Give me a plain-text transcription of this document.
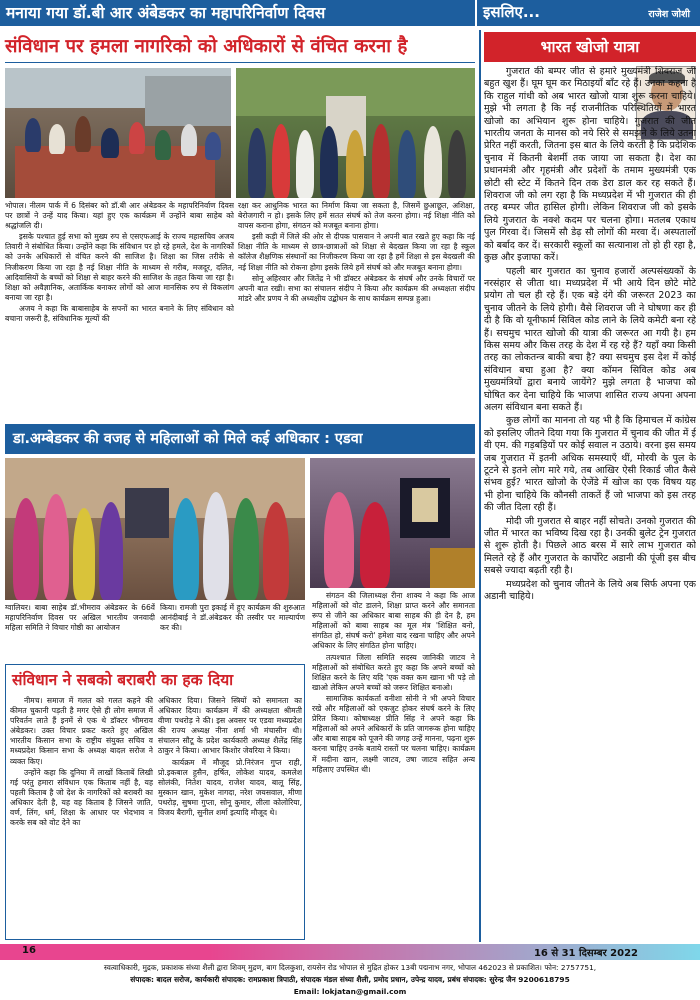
मनाया गया डॉ.बी आर अंबेडकर का महापरिनिर्वाण दिवस	इसलिए...	राजेश जोशी
संविधान पर हमला नागरिको को अधिकारों से वंचित करना है

भोपाल। नीलम पार्क में 6 दिसंबर को डॉ.बी आर अंबेडकर के महापरिनिर्वाण दिवस पर छात्रों ने उन्हें याद किया। यहां हुए एक कार्यक्रम में उन्होंने बाबा साहेब को श्रद्धांजलि दी।

इसके पश्चात हुई सभा को मुख्य रुप से एसएफआई के राज्य महासचिव अजय तिवारी ने संबोधित किया। उन्होंने कहा कि संविधान पर हो रहे हमले, देश के नागरिकों को उनके अधिकारों से वंचित करने की साजिश है। शिक्षा का जिस तरीके से निजीकरण किया जा रहा है नई शिक्षा नीति के माध्यम से गरीब, मजदूर, दलित, आदिवासियों के बच्चों को शिक्षा से बाहर करने की साजिश के तहत किया जा रहा है। शिक्षा को अवैज्ञानिक, अतार्किक बनाकर लोगों को आज मानसिक रुप से विकलांग बनाया जा रहा है।

अजय ने कहा कि बाबासाहेब के सपनों का भारत बनाने के लिए संविधान को बचाना जरूरी है, संविधानिक मूल्यों की

रक्षा कर आधुनिक भारत का निर्माण किया जा सकता है, जिसमें छुआछूत, अशिक्षा, बेरोजगारी न हो। इसके लिए हमें सतत संघर्ष को तेज करना होगा। नई शिक्षा नीति को वापस कराना होगा, संगठन को मजबूत बनाना होगा।

इसी कड़ी में जिले की ओर से दीपक पासवान ने अपनी बात रखते हुए कहा कि नई शिक्षा नीति के माध्यम से छात्र-छात्राओं को शिक्षा से बेदखल किया जा रहा है स्कूल कॉलेज शैक्षणिक संस्थानों का निजीकरण किया जा रहा है हमें शिक्षा से इस बेदखली की नई शिक्षा नीति को रोकना होगा इसके लिये हमें संघर्ष को और मजबूत बनाना होगा।

सोनू अहिरवार और जितेंद्र ने भी डॉक्टर अंबेडकर के संघर्ष और उनके विचारों पर अपनी बात रखी। सभा का संचालन संदीप ने किया और कार्यक्रम की अध्यक्षता संदीप मांडरे और प्रणय ने की अध्यक्षीय उद्बोधन के साथ कार्यक्रम सम्पन्न हुआ।

डा.अम्बेडकर की वजह से महिलाओं को मिले कई अधिकार : एडवा

ग्वालियर। बाबा साहेब डॉ.भीमराव अंबेडकर के 66वें महापरिनिर्वाण दिवस पर अखिल भारतीय जनवादी महिला समिति ने विचार गोष्ठी का आयोजन

किया। रामजी पुरा इकाई में हुए कार्यक्रम की शुरुआत आनंदीबाई ने डॉ.अंबेडकर की तस्वीर पर माल्यार्पण कर की।

संगठन की जिलाध्यक्ष रीना शाक्य ने कहा कि आज महिलाओं को वोट डालने, शिक्षा प्राप्त करने और समानता रूप से जीने का अधिकार बाबा साहब की ही देन है, हम महिलाओं को बाबा साहब का मूल मंत्र 'शिक्षित बनो, संगठित हो, संघर्ष करो' हमेशा याद रखना चाहिए और अपने अधिकार के लिए संगठित होना चाहिए।

तत्पश्चात जिला समिति सदस्य जानिकी जाटव ने महिलाओं को संबोधित करते हुए कहा कि अपने बच्चों को शिक्षित करने के लिए यदि 'एक वक्त कम खाना भी पड़े तो खाओ लेकिन अपने बच्चों को जरूर शिक्षित बनाओ।

सामाजिक कार्यकर्ता वनीशा सोनी ने भी अपने विचार रखे और महिलाओं को एकजुट होकर संघर्ष करने के लिए प्रेरित किया। कोषाध्यक्ष प्रीति सिंह ने अपने कहा कि महिलाओं को अपने अधिकारों के प्रति जागरूक होना चाहिए और बाबा साहब को पूजने की जगह उन्हें मानना, पढ़ना शुरू करना चाहिए उनके बताये रास्तों पर चलना चाहिए। कार्यक्रम में मदीना खान, लक्ष्मी जाटव, उषा जाटव सहित अन्य महिलाए उपस्थित थी।

संविधान ने सबको बराबरी का हक दिया

नीमच। समाज में गलत को गलत कहने की कीमत चुकानी पड़ती है मगर ऐसे ही लोग समाज में परिवर्तन लाते हैं इनमें से एक थे डॉक्टर भीमराव अंबेडकर। उक्त विचार प्रकट करते हुए अखिल भारतीय किसान सभा के राष्ट्रीय संयुक्त सचिव व मध्यप्रदेश किसान सभा के अध्यक्ष बादल सरोज ने व्यक्त किए।

उन्होंने कहा कि दुनिया में लाखों किताबें लिखी गई परंतु हमारा संविधान एक किताब नहीं है, यह पहली किताब है जो देश के नागरिकों को बराबरी का अधिकार देती है, यह वह किताब है जिसने जाति, वर्ण, लिंग, धर्म, शिक्षा के आधार पर भेदभाव न करके सब को वोट देने का

अधिकार दिया। जिसने स्त्रियों को समानता का अधिकार दिया। कार्यक्रम में की अध्यक्षता श्रीमती वीणा पथरोड़ ने की। इस अवसर पर एडवा मध्यप्रदेश की राज्य अध्यक्ष नीना शर्मा भी मंचासीन थी। संचालन सौटू के प्रदेश कार्यकारी अध्यक्ष शैलेंद्र सिंह ठाकुर ने किया। आभार किशोर जेवरिया ने किया।

कार्यक्रम में मौजूद प्रो.निरंजन गुप्त राही, प्रो.इकबाल हुसैन, हर्षित, लोकेश यादव, कमलेश सोलंकी, नितेश यादव, राजेश यादव, बालू सिंह, मुस्कान खान, मुकेश नागदा, नरेश जयसवाल, मीणा पथरोड़, सुषमा गुप्ता, सोनू कुमार, लीला कोलोरिया, विजय बैरागी, सुनील शर्मा इत्यादि मौजूद थे।

भारत खोजो यात्रा

गुजरात की बम्पर जीत से हमारे मुख्यमंत्री शिवराज जी बहुत खुश हैं। घूम घूम कर मिठाइयाँ बाँट रहे हैं। उनका कहना है कि राहुल गांधी को अब भारत खोजो यात्रा शुरू करना चाहिये। मुझे भी लगता है कि नई राजनीतिक परिस्थितियों में भारत खोजो का अभियान शुरू होना चाहिये। गुजरात की जीत भारतीय जनता के मानस को नये सिरे से समझने के लिये उतना प्रेरित नहीं करती, जितना इस बात के लिये करती है कि प्रदेशिक चुनाव में कितनी बेशर्मी तक जाया जा सकता है। देश का प्रधानमंत्री और गृहमंत्री और प्रदेशों के तमाम मुख्यमंत्री एक छोटी सी स्टेट में कितने दिन तक डेरा डाल कर रह सकते हैं। शिवराज जी को लग रहा है कि मध्यप्रदेश में भी गुजरात की ही तरह बम्पर जीत हासिल होगी। लेकिन शिवराज जी को इसके लिये गुजरात के नक्शे कदम पर चलना होगा। मतलब एकाध पुल गिरवा दें। जिसमें सौ डेढ़ सौ लोगों की मरवा दें। अस्पतालों को बर्बाद कर दें। सरकारी स्कूलों का सत्यानाश तो हो ही रहा है, कुछ और इजाफा करें।

पहली बार गुजरात का चुनाव हजारों अल्पसंख्यकों के नरसंहार से जीता था। मध्यप्रदेश में भी आये दिन छोटे मोटे प्रयोग तो चल ही रहे हैं। एक बड़े दंगे की जरूरत 2023 का चुनाव जीतने के लिये होगी। वैसे शिवराज जी ने घोषणा कर ही दी है कि वो यूनीफार्म सिविल कोड लाने के लिये कमेटी बना रहे हैं। सचमुच भारत खोजो की यात्रा की जरूरत आ गयी है। हम किस समय और किस तरह के देश में रह रहे हैं? यहाँ क्या किसी तरह का लोकतन्त्र बाकी बचा है? क्या सचमुच इस देश में कोई संविधान बचा हुआ है? क्या कॉमन सिविल कोड अब मुख्यमंत्रियों द्वारा बनाये जायेंगे? मुझे लगता है भाजपा को घोषित कर देना चाहिये कि भाजपा शासित राज्य अपना अपना अलग संविधान बना सकते हैं।

कुछ लोगों का मानना तो यह भी है कि हिमाचल में कांग्रेस को इसलिए जीतने दिया गया कि गुजरात में चुनाव की जीत में ई वी एम. की गड़बड़ियों पर कोई सवाल न उठाये। वरना इस समय जब गुजरात में इतनी अधिक समस्याएँ थीं, मोरवी के पुल के टूटने से इतने लोग मारे गये, तब आखिर ऐसी रिकार्ड जीत कैसे संभव हुई? भारत खोजो के ऐजेंडे में खोज का एक विषय यह भी होना चाहिये कि कौनसी ताकतें हैं जो भाजपा को इस तरह की जीत दिला रही हैं।

मोदी जी गुजरात से बाहर नहीं सोचते। उनको गुजरात की जीत में भारत का भविष्य दिख रहा है। उनकी बुलेट ट्रेन गुजरात से शुरू होती है। पिछले आठ बरस में सारे लाभ गुजरात को मिलते रहे हैं और गुजरात के कार्पोरेट अडानी की पूंजी इस बीच सबसे ज्यादा बढ़ती रही है।

मध्यप्रदेश को चुनाव जीतने के लिये अब सिर्फ अपना एक अडानी चाहिये।

16	16 से 31 दिसम्बर 2022
स्वत्वाधिकारी, मुद्रक, प्रकाशक संध्या शैली द्वारा शिवम् मुद्रण, बाग दिलकुशा, रायसेन रोड भोपाल से मुद्रित होकर 13बी पद्मनाभ नगर, भोपाल 462023 से प्रकाशित। फोन: 2757751,
संपादक: बादल सरोज, कार्यकारी संपादक: रामप्रकाश त्रिपाठी, संपादक मंडल संध्या शैली, प्रमोद प्रधान, उपेन्द्र यादव, प्रबंध संपादक: सुरेन्द्र जैन 9200618795
Email: lokjatan@gmail.com
